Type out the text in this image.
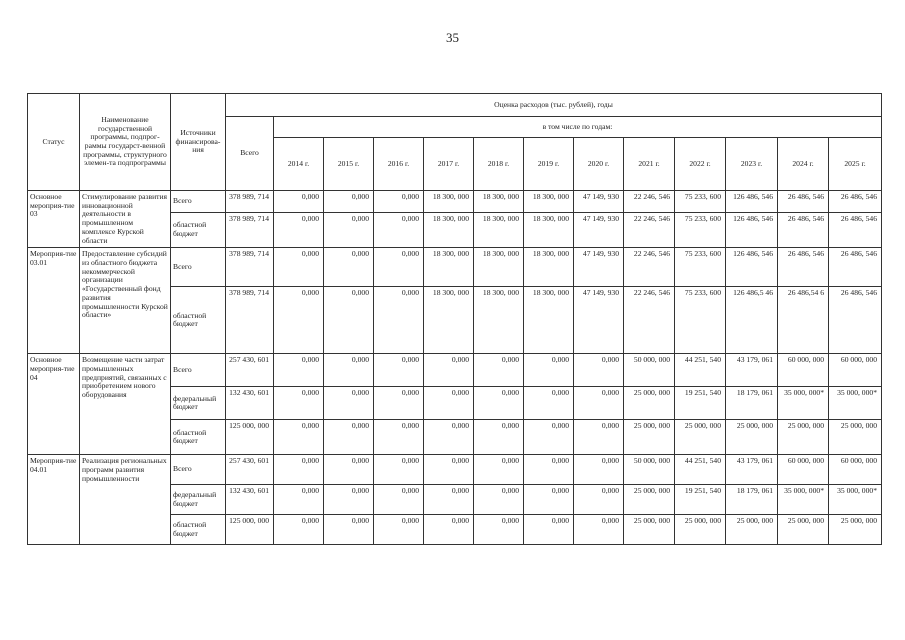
35
Статус	Наименование государственной программы, подпрог-раммы государст-венной программы, структурного элемен-та подпрограммы	Источники финансирова-ния	Оценка расходов (тыс. рублей), годы												
			Всего	в том числе по годам:											
				2014 г.	2015 г.	2016 г.	2017 г.	2018 г.	2019 г.	2020 г.	2021 г.	2022 г.	2023 г.	2024 г.	2025 г.
Основное мероприя-тие 03	Стимулирование развития инновационной деятельности в промышленном комплексе Курской области	Всего	378 989, 714	0,000	0,000	0,000	18 300, 000	18 300, 000	18 300, 000	47 149, 930	22 246, 546	75 233, 600	126 486, 546	26 486, 546	26 486, 546
		областной бюджет	378 989, 714	0,000	0,000	0,000	18 300, 000	18 300, 000	18 300, 000	47 149, 930	22 246, 546	75 233, 600	126 486, 546	26 486, 546	26 486, 546
Мероприя-тие 03.01	Предоставление субсидий из областного бюджета некоммерческой организации «Государственный фонд развития промышленности Курской области»	Всего	378 989, 714	0,000	0,000	0,000	18 300, 000	18 300, 000	18 300, 000	47 149, 930	22 246, 546	75 233, 600	126 486, 546	26 486, 546	26 486, 546
		областной бюджет	378 989, 714	0,000	0,000	0,000	18 300, 000	18 300, 000	18 300, 000	47 149, 930	22 246, 546	75 233, 600	126 486,5 46	26 486,54 6	26 486, 546
Основное мероприя-тие 04	Возмещение части затрат промышленных предприятий, связанных с приобретением нового оборудования	Всего	257 430, 601	0,000	0,000	0,000	0,000	0,000	0,000	0,000	50 000, 000	44 251, 540	43 179, 061	60 000, 000	60 000, 000
		федеральный бюджет	132 430, 601	0,000	0,000	0,000	0,000	0,000	0,000	0,000	25 000, 000	19 251, 540	18 179, 061	35 000, 000*	35 000, 000*
		областной бюджет	125 000, 000	0,000	0,000	0,000	0,000	0,000	0,000	0,000	25 000, 000	25 000, 000	25 000, 000	25 000, 000	25 000, 000
Мероприя-тие 04.01	Реализация региональных программ развития промышленности	Всего	257 430, 601	0,000	0,000	0,000	0,000	0,000	0,000	0,000	50 000, 000	44 251, 540	43 179, 061	60 000, 000	60 000, 000
		федеральный бюджет	132 430, 601	0,000	0,000	0,000	0,000	0,000	0,000	0,000	25 000, 000	19 251, 540	18 179, 061	35 000, 000*	35 000, 000*
		областной бюджет	125 000, 000	0,000	0,000	0,000	0,000	0,000	0,000	0,000	25 000, 000	25 000, 000	25 000, 000	25 000, 000	25 000, 000
